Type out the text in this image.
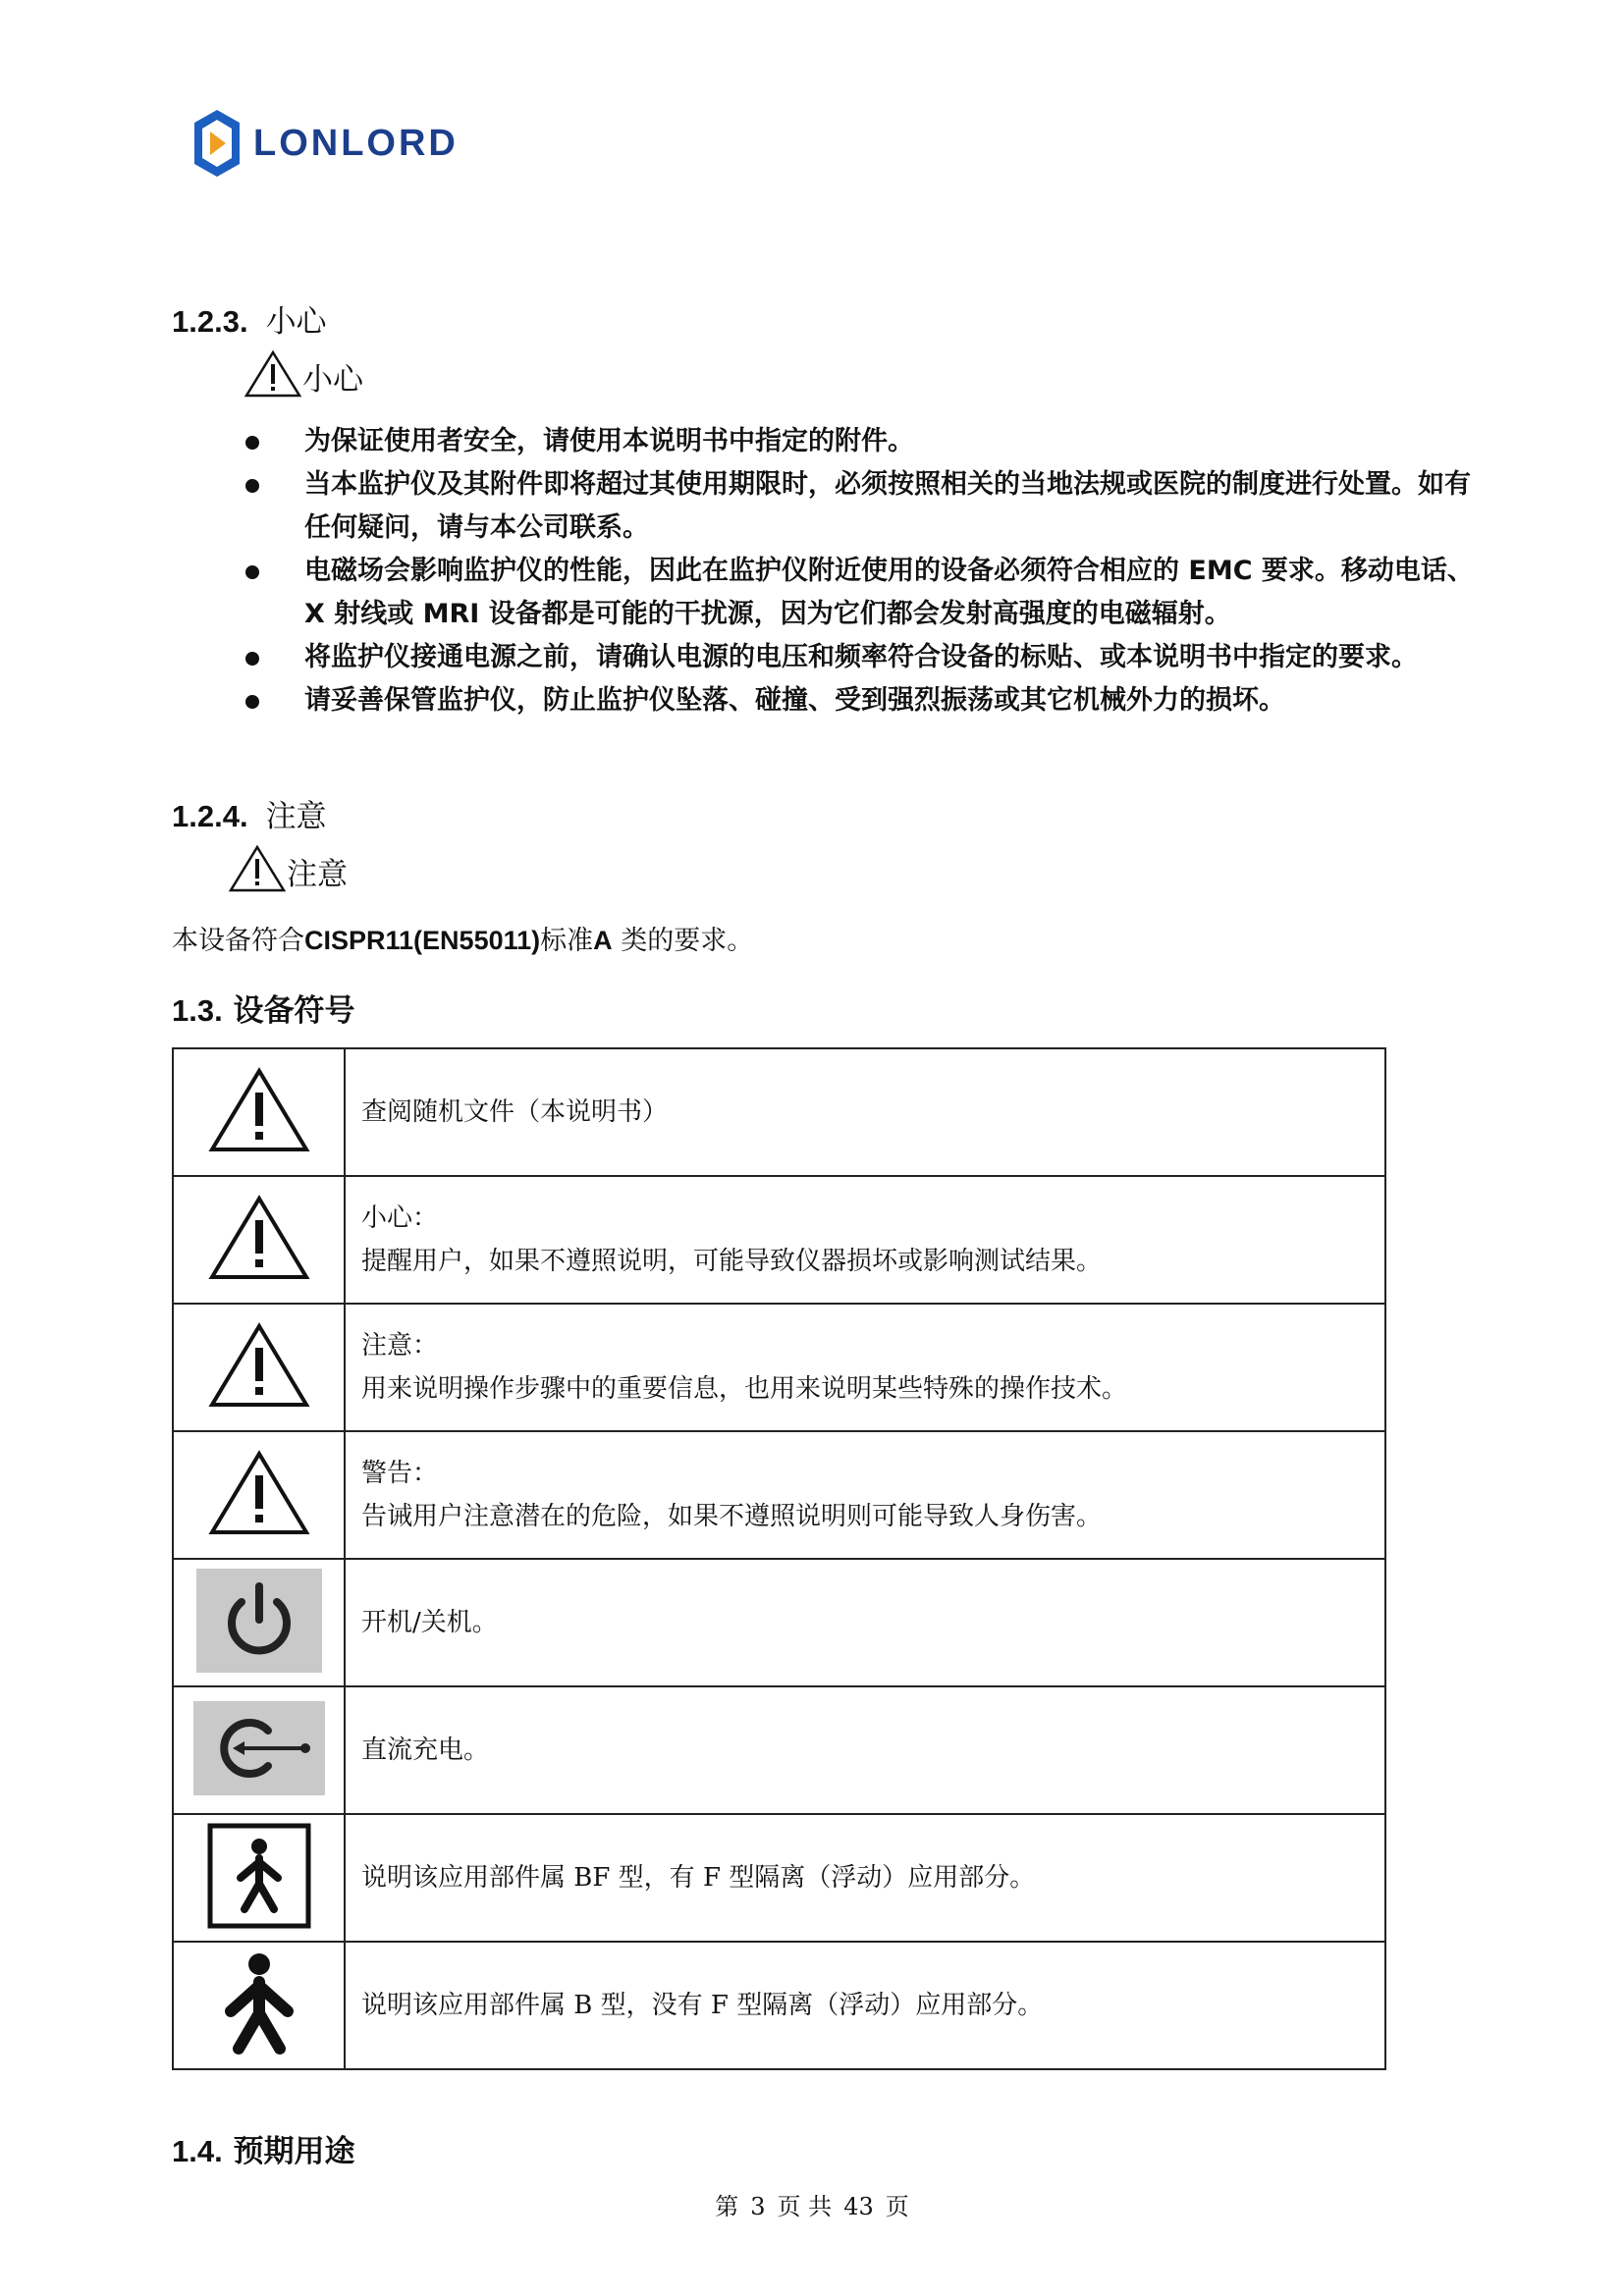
LONLORD
1.2.3. 小心
小心
为保证使用者安全，请使用本说明书中指定的附件。
当本监护仪及其附件即将超过其使用期限时，必须按照相关的当地法规或医院的制度进行处置。如有任何疑问，请与本公司联系。
电磁场会影响监护仪的性能，因此在监护仪附近使用的设备必须符合相应的 EMC 要求。移动电话、X 射线或 MRI 设备都是可能的干扰源，因为它们都会发射高强度的电磁辐射。
将监护仪接通电源之前，请确认电源的电压和频率符合设备的标贴、或本说明书中指定的要求。
请妥善保管监护仪，防止监护仪坠落、碰撞、受到强烈振荡或其它机械外力的损坏。
1.2.4. 注意
注意
本设备符合CISPR11(EN55011)标准A 类的要求。
1.3. 设备符号

查阅随机文件（本说明书）

小心：
提醒用户，如果不遵照说明，可能导致仪器损坏或影响测试结果。

注意：
用来说明操作步骤中的重要信息，也用来说明某些特殊的操作技术。

警告：
告诫用户注意潜在的危险，如果不遵照说明则可能导致人身伤害。

开机/关机。

直流充电。

说明该应用部件属 BF 型，有 F 型隔离（浮动）应用部分。

说明该应用部件属 B 型，没有 F 型隔离（浮动）应用部分。
1.4. 预期用途
第 3 页 共 43 页
